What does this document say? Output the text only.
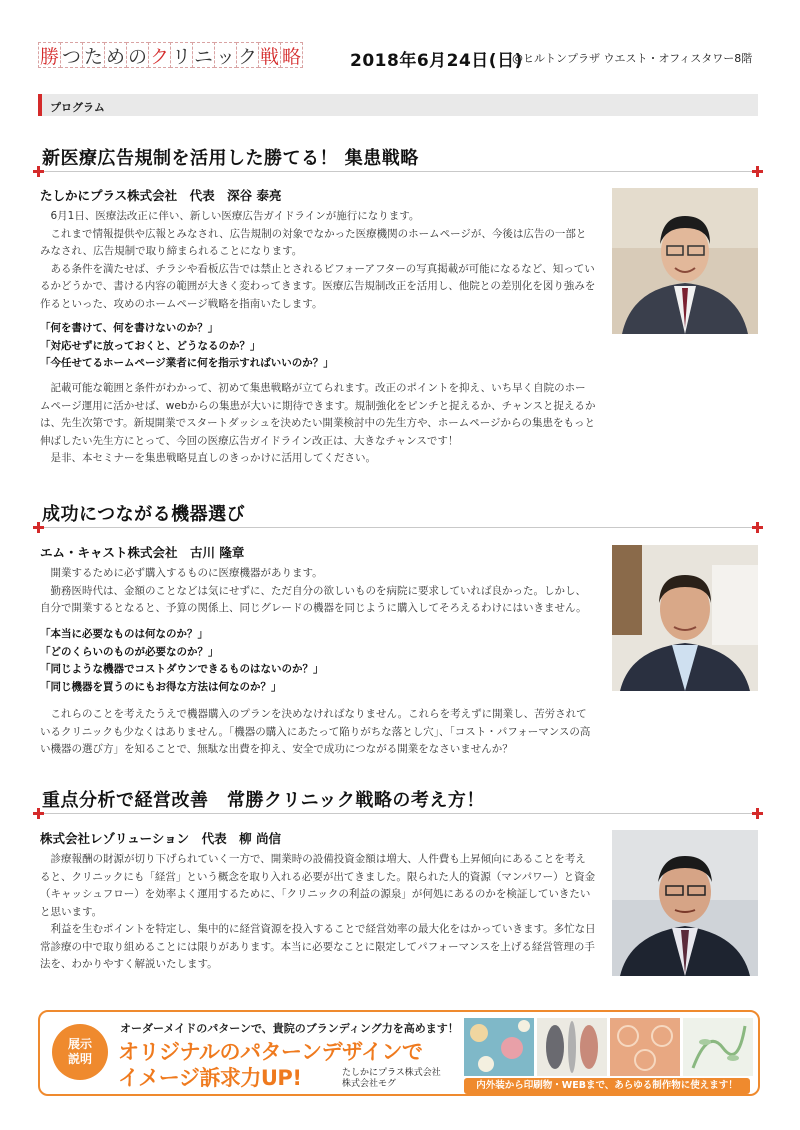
勝 つ た め の ク リ ニ ッ ク 戦 略	2018年6月24日(日)
@ヒルトンプラザ ウエスト・オフィスタワー8階
プログラム
新医療広告規制を活用した勝てる！ 集患戦略
たしかにプラス株式会社　代表　深谷 泰亮

6月1日、医療法改正に伴い、新しい医療広告ガイドラインが施行になります。

これまで情報提供や広報とみなされ、広告規制の対象でなかった医療機関のホームページが、今後は広告の一部とみなされ、広告規制で取り締まられることになります。

ある条件を満たせば、チラシや看板広告では禁止とされるビフォーアフターの写真掲載が可能になるなど、知っているかどうかで、書ける内容の範囲が大きく変わってきます。医療広告規制改正を活用し、他院との差別化を図り強みを作るといった、攻めのホームページ戦略を指南いたします。

「何を書けて、何を書けないのか？」
「対応せずに放っておくと、どうなるのか？」
「今任せてるホームページ業者に何を指示すればいいのか？」

記載可能な範囲と条件がわかって、初めて集患戦略が立てられます。改正のポイントを抑え、いち早く自院のホームページ運用に活かせば、webからの集患が大いに期待できます。規制強化をピンチと捉えるか、チャンスと捉えるかは、先生次第です。新規開業でスタートダッシュを決めたい開業検討中の先生方や、ホームページからの集患をもっと伸ばしたい先生方にとって、今回の医療広告ガイドライン改正は、大きなチャンスです！

是非、本セミナーを集患戦略見直しのきっかけに活用してください。

成功につながる機器選び
エム・キャスト株式会社　古川 隆章

開業するために必ず購入するものに医療機器があります。

勤務医時代は、金額のことなどは気にせずに、ただ自分の欲しいものを病院に要求していれば良かった。しかし、自分で開業するとなると、予算の関係上、同じグレードの機器を同じように購入してそろえるわけにはいきません。

「本当に必要なものは何なのか？」
「どのくらいのものが必要なのか？」
「同じような機器でコストダウンできるものはないのか？」
「同じ機器を買うのにもお得な方法は何なのか？」

これらのことを考えたうえで機器購入のプランを決めなければなりません。これらを考えずに開業し、苦労されているクリニックも少なくはありません。「機器の購入にあたって陥りがちな落とし穴」、「コスト・パフォーマンスの高い機器の選び方」を知ることで、無駄な出費を抑え、安全で成功につながる開業をなさいませんか？

重点分析で経営改善　常勝クリニック戦略の考え方！
株式会社レゾリューション　代表　柳 尚信

診療報酬の財源が切り下げられていく一方で、開業時の設備投資金額は増大、人件費も上昇傾向にあることを考えると、クリニックにも「経営」という概念を取り入れる必要が出てきました。限られた人的資源（マンパワー）と資金（キャッシュフロー）を効率よく運用するために、「クリニックの利益の源泉」が何処にあるのかを検証していきたいと思います。

利益を生むポイントを特定し、集中的に経営資源を投入することで経営効率の最大化をはかっていきます。多忙な日常診療の中で取り組めることには限りがあります。本当に必要なことに限定してパフォーマンスを上げる経営管理の手法を、わかりやすく解説いたします。

展示
説明
オーダーメイドのパターンで、貴院のブランディング力を高めます！
オリジナルのパターンデザインで
イメージ訴求力UP!	たしかにプラス株式会社
株式会社モグ	内外装から印刷物・WEBまで、あらゆる制作物に使えます！
